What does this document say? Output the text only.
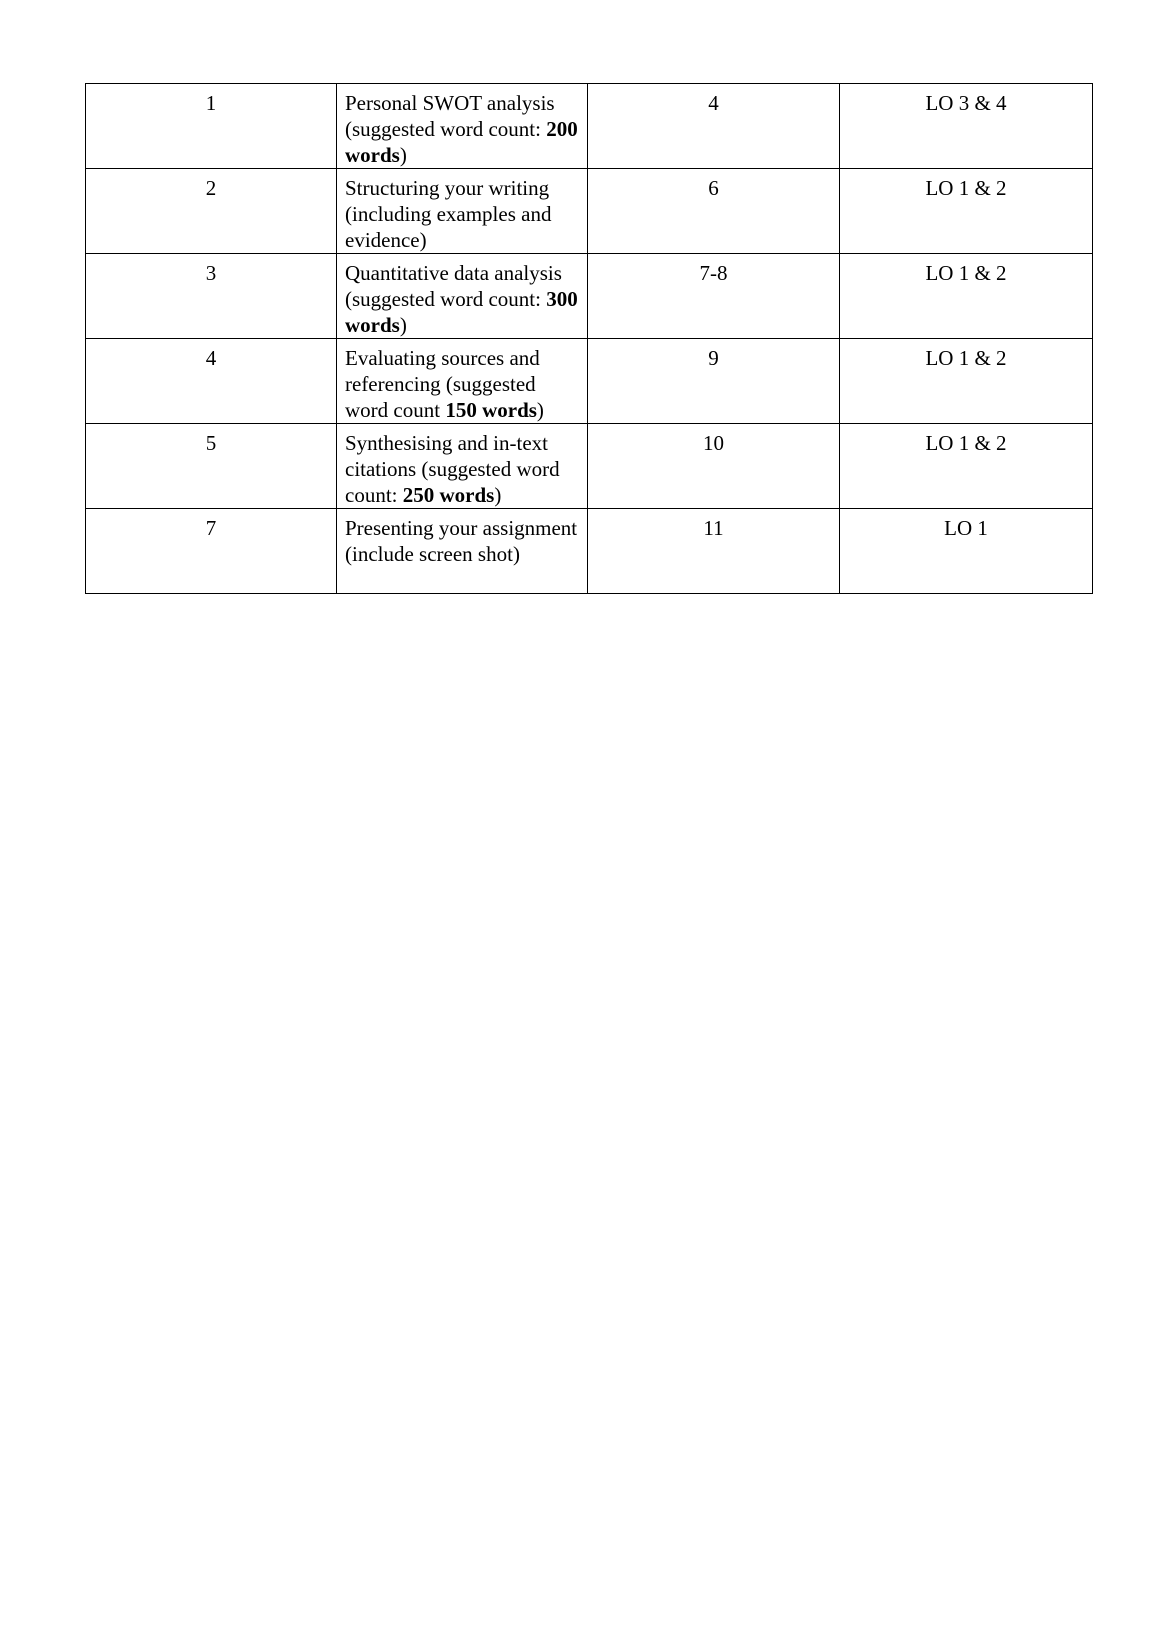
1	Personal SWOT analysis (suggested word count: 200 words)	4	LO 3 & 4
2	Structuring your writing (including examples and evidence)	6	LO 1 & 2
3	Quantitative data analysis (suggested word count: 300 words)	7-8	LO 1 & 2
4	Evaluating sources and referencing (suggested word count 150 words)	9	LO 1 & 2
5	Synthesising and in-text citations (suggested word count: 250 words)	10	LO 1 & 2
7	Presenting your assignment (include screen shot)	11	LO 1
